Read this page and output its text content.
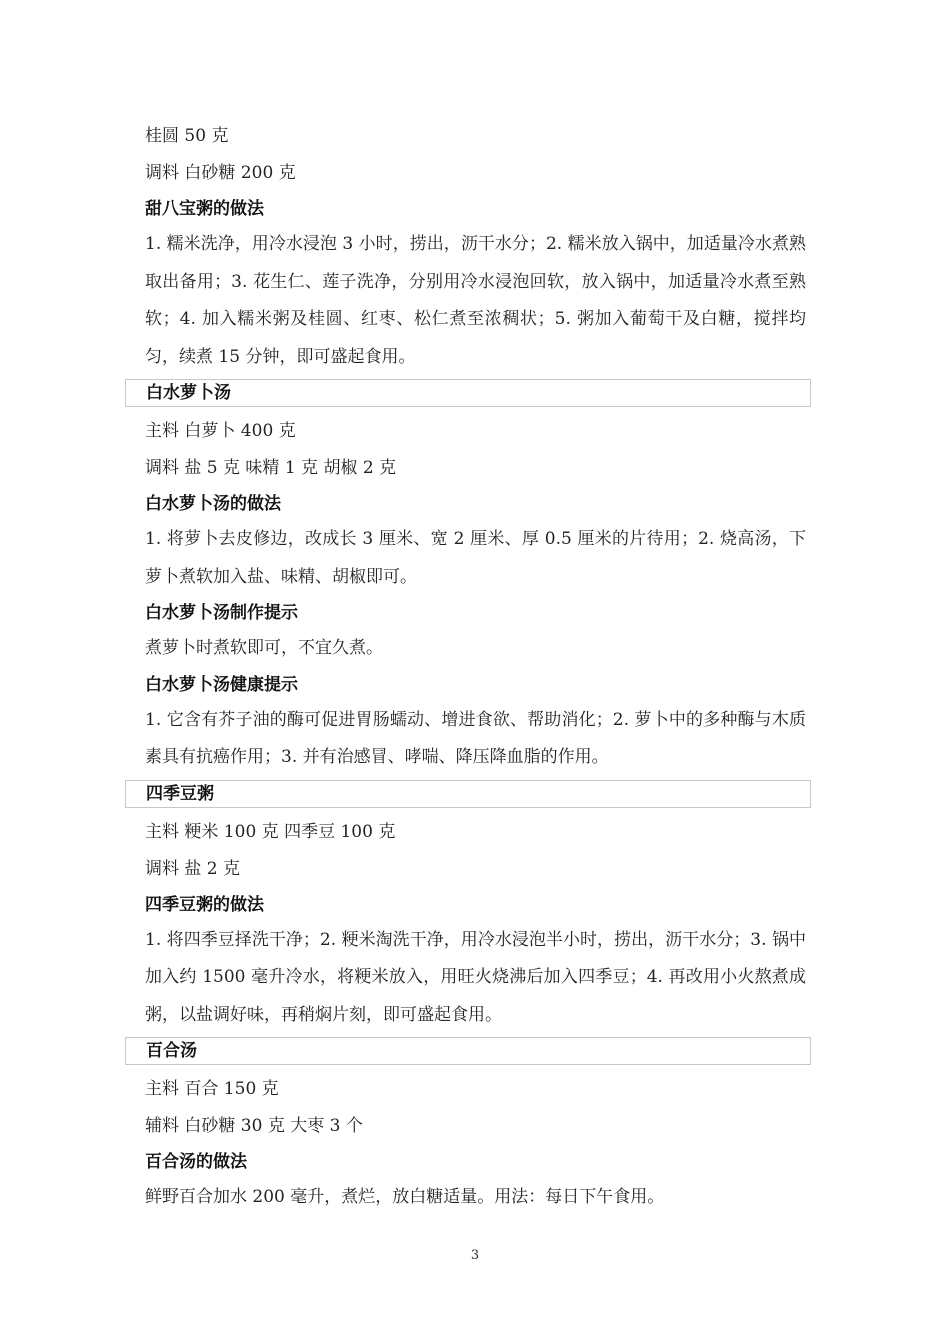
桂圆 50 克
调料 白砂糖 200 克
甜八宝粥的做法
1. 糯米洗净，用冷水浸泡 3 小时，捞出，沥干水分；2. 糯米放入锅中，加适量冷水煮熟取出备用；3. 花生仁、莲子洗净，分别用冷水浸泡回软，放入锅中，加适量冷水煮至熟软；4. 加入糯米粥及桂圆、红枣、松仁煮至浓稠状；5. 粥加入葡萄干及白糖，搅拌均匀，续煮 15 分钟，即可盛起食用。
白水萝卜汤
主料 白萝卜 400 克
调料 盐 5 克 味精 1 克 胡椒 2 克
白水萝卜汤的做法
1. 将萝卜去皮修边，改成长 3 厘米、宽 2 厘米、厚 0.5 厘米的片待用；2. 烧高汤，下萝卜煮软加入盐、味精、胡椒即可。
白水萝卜汤制作提示
煮萝卜时煮软即可，不宜久煮。
白水萝卜汤健康提示
1. 它含有芥子油的酶可促进胃肠蠕动、增进食欲、帮助消化；2. 萝卜中的多种酶与木质素具有抗癌作用；3. 并有治感冒、哮喘、降压降血脂的作用。
四季豆粥
主料 粳米 100 克 四季豆 100 克
调料 盐 2 克
四季豆粥的做法
1. 将四季豆择洗干净；2. 粳米淘洗干净，用冷水浸泡半小时，捞出，沥干水分；3. 锅中加入约 1500 毫升冷水，将粳米放入，用旺火烧沸后加入四季豆；4. 再改用小火熬煮成粥，以盐调好味，再稍焖片刻，即可盛起食用。
百合汤
主料 百合 150 克
辅料 白砂糖 30 克 大枣 3 个
百合汤的做法
鲜野百合加水 200 毫升，煮烂，放白糖适量。用法：每日下午食用。
3
